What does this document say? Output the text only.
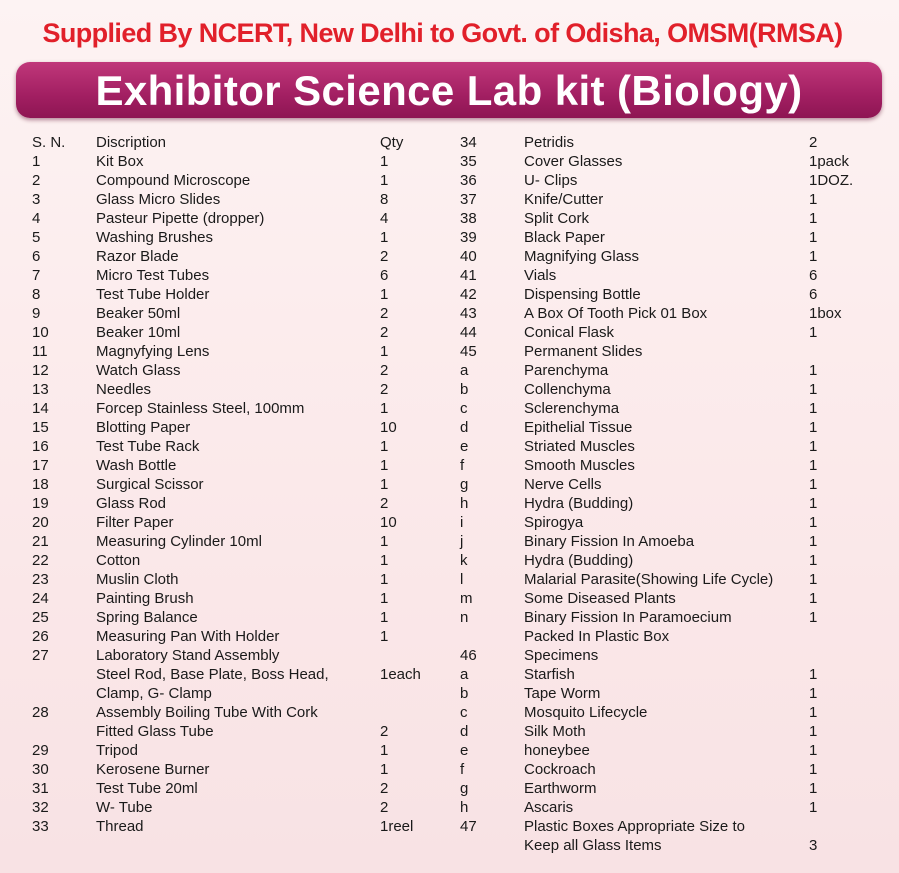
Supplied By NCERT, New Delhi to Govt. of Odisha, OMSM(RMSA)
Exhibitor Science Lab kit (Biology)
S. N. Discription	Qty
1	Kit Box	1
2	Compound Microscope	1
3	Glass Micro Slides	8
4	Pasteur Pipette (dropper)	4
5	Washing Brushes	1
6	Razor Blade	2
7	Micro Test Tubes	6
8	Test Tube Holder	1
9	Beaker 50ml	2
10	Beaker 10ml	2
11	Magnyfying Lens	1
12	Watch Glass	2
13	Needles	2
14	Forcep Stainless Steel, 100mm	1
15	Blotting Paper	10
16	Test Tube Rack	1
17	Wash Bottle	1
18	Surgical Scissor	1
19	Glass Rod	2
20	Filter Paper	10
21	Measuring Cylinder 10ml	1
22	Cotton	1
23	Muslin Cloth	1
24	Painting Brush	1
25	Spring Balance	1
26	Measuring Pan With Holder	1
27	Laboratory Stand Assembly
Steel Rod, Base Plate, Boss Head,	1each
Clamp, G- Clamp
28	Assembly Boiling Tube With Cork
Fitted Glass Tube	2
29	Tripod	1
30	Kerosene Burner	1
31	Test Tube 20ml	2
32	W- Tube	2
33	Thread	1reel
34	Petridis	2
35	Cover Glasses	1pack
36	U- Clips	1DOZ.
37	Knife/Cutter	1
38	Split Cork	1
39	Black Paper	1
40	Magnifying Glass	1
41	Vials	6
42	Dispensing Bottle	6
43	A Box Of Tooth Pick 01 Box	1box
44	Conical Flask	1
45	Permanent Slides
a	Parenchyma	1
b	Collenchyma	1
c	Sclerenchyma	1
d	Epithelial Tissue	1
e	Striated Muscles	1
f	Smooth Muscles	1
g	Nerve Cells	1
h	Hydra (Budding)	1
i	Spirogya	1
j	Binary Fission In Amoeba	1
k	Hydra (Budding)	1
l	Malarial Parasite(Showing Life Cycle) 1
m	Some Diseased Plants	1
n	Binary Fission In Paramoecium	1
Packed In Plastic Box
46	Specimens
a	Starfish	1
b	Tape Worm	1
c	Mosquito Lifecycle	1
d	Silk Moth	1
e	honeybee	1
f	Cockroach	1
g	Earthworm	1
h	Ascaris	1
47	Plastic Boxes Appropriate Size to
Keep all Glass Items	3
